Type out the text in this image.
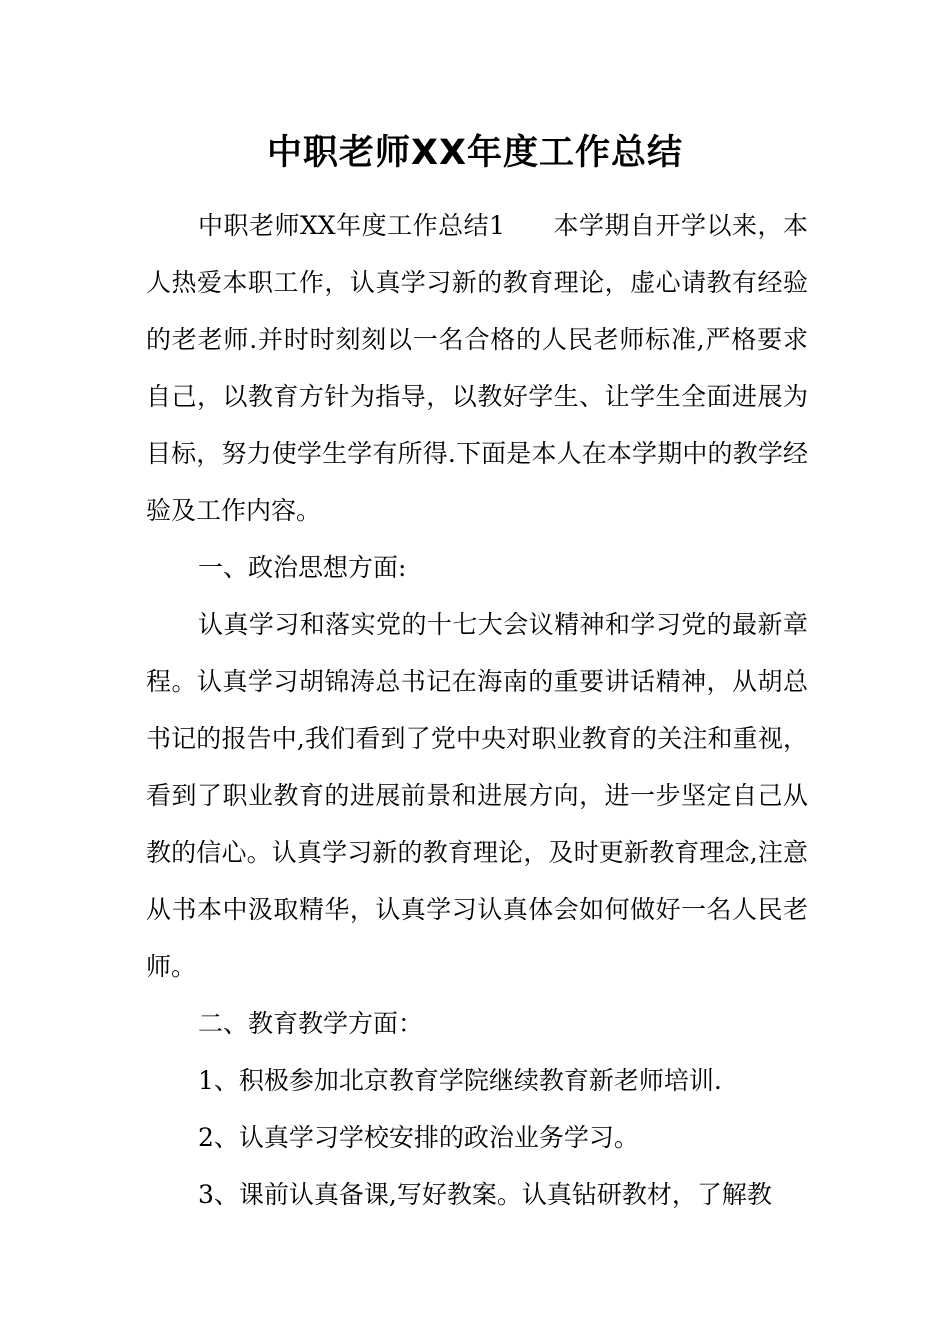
中职老师XX年度工作总结

中职老师XX年度工作总结1 本学期自开学以来，本人热爱本职工作，认真学习新的教育理论，虚心请教有经验的老老师.并时时刻刻以一名合格的人民老师标准,严格要求自己，以教育方针为指导，以教好学生、让学生全面进展为目标，努力使学生学有所得.下面是本人在本学期中的教学经验及工作内容。

一、政治思想方面:

认真学习和落实党的十七大会议精神和学习党的最新章程。认真学习胡锦涛总书记在海南的重要讲话精神，从胡总书记的报告中,我们看到了党中央对职业教育的关注和重视，看到了职业教育的进展前景和进展方向，进一步坚定自己从教的信心。认真学习新的教育理论，及时更新教育理念,注意从书本中汲取精华，认真学习认真体会如何做好一名人民老师。

二、教育教学方面：

1、积极参加北京教育学院继续教育新老师培训.

2、认真学习学校安排的政治业务学习。

3、课前认真备课,写好教案。认真钻研教材，了解教
